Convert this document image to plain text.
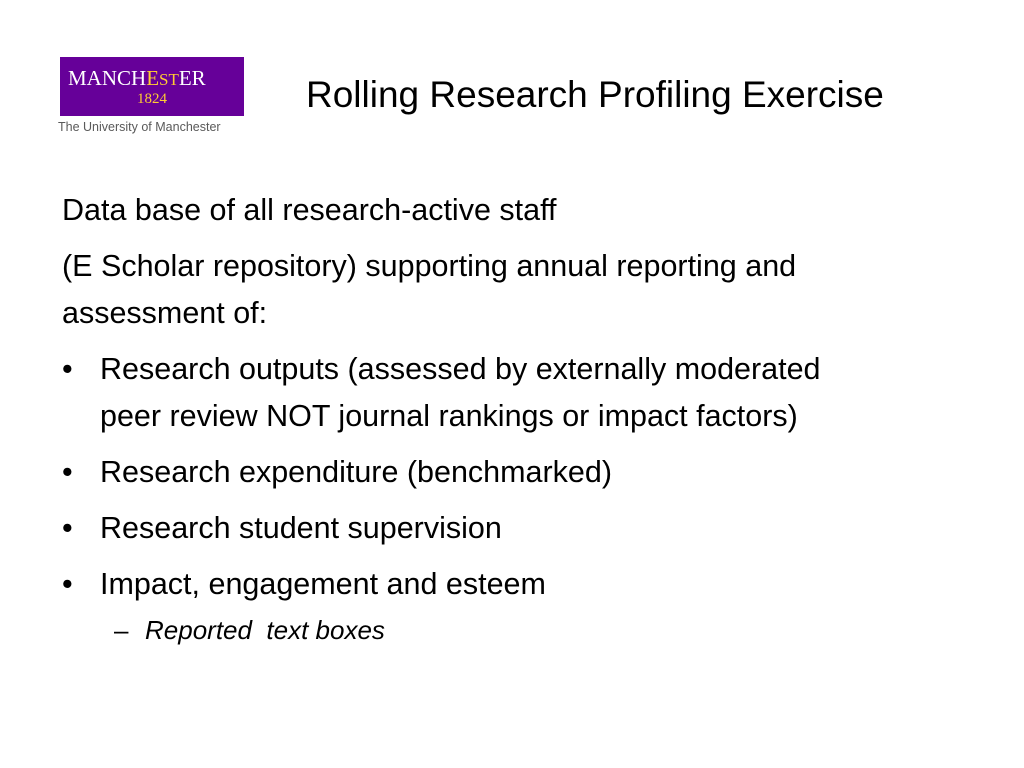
MANCHESTER
1824
The University of Manchester
Rolling Research Profiling Exercise
Data base of all research-active staff
(E Scholar repository) supporting annual reporting and
assessment of:
• Research outputs (assessed by externally moderated
peer review NOT journal rankings or impact factors)
• Research expenditure (benchmarked)
• Research student supervision
• Impact, engagement and esteem
– Reported  text boxes
